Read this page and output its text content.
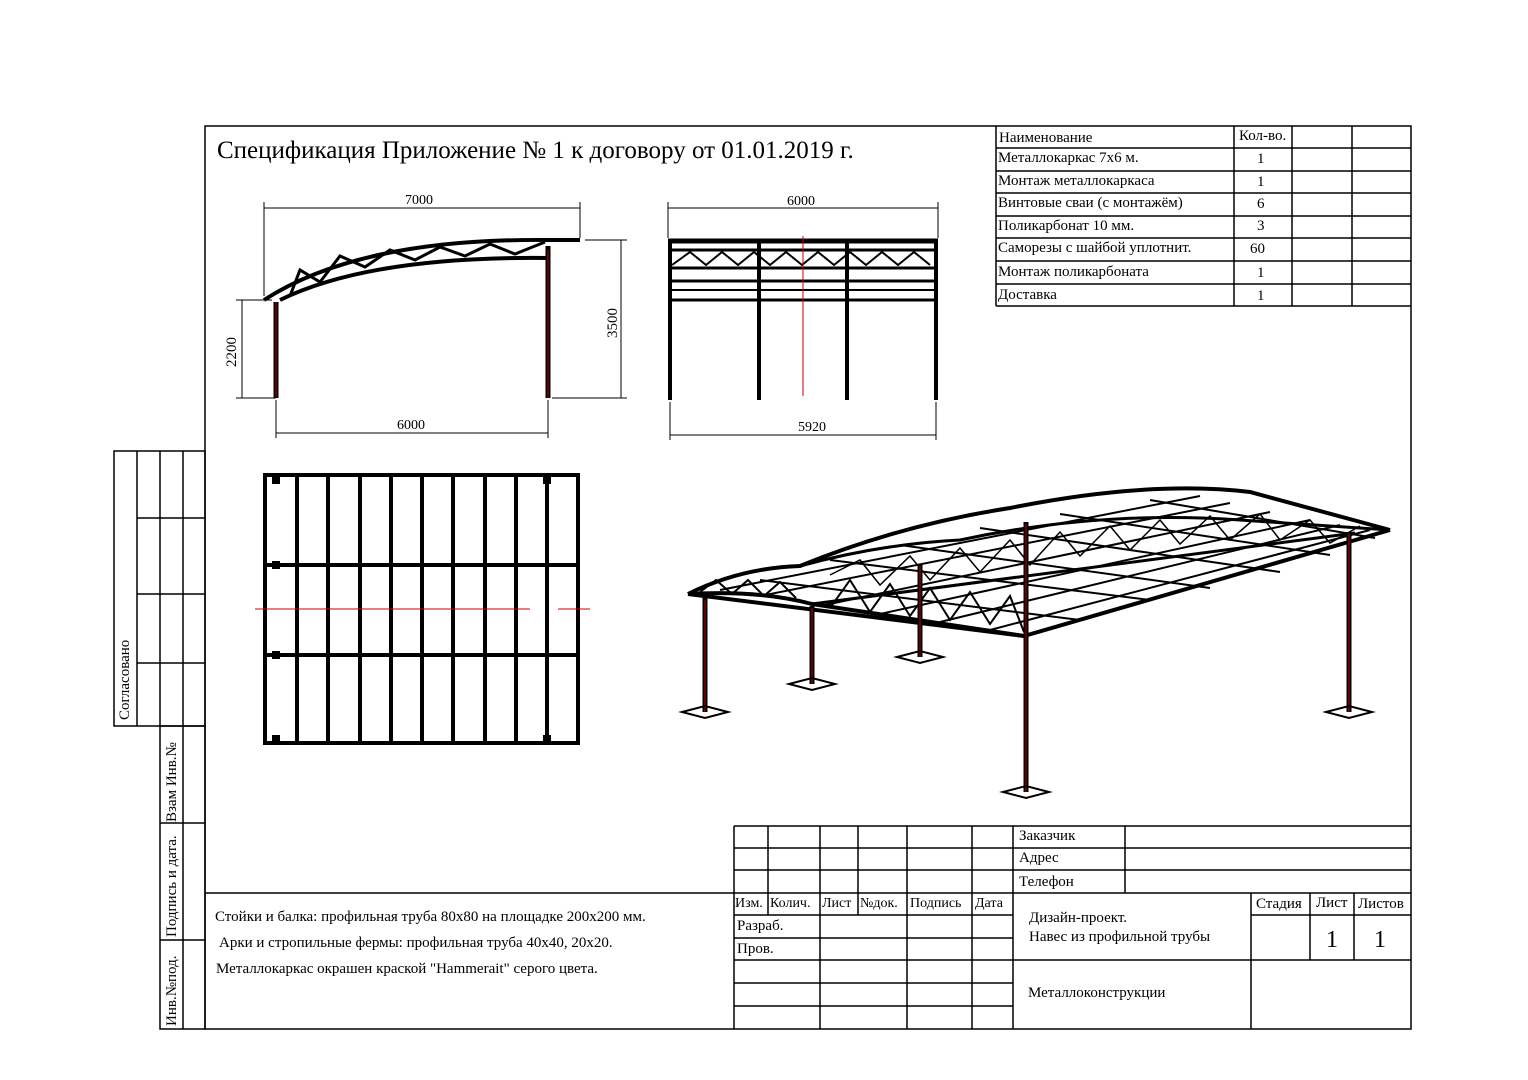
Спецификация Приложение № 1 к договору от 01.01.2019 г.	Наименование	Кол-во.
Металлокаркас 7х6 м.	1
Монтаж металлокаркаса	1
Винтовые сваи (с монтажём)	6
Поликарбонат 10 мм.	3
Саморезы с шайбой уплотнит.	60
Монтаж поликарбоната	1
Доставка	1
7000
6000
2200
3500
6000
5920
Стойки и балка: профильная труба 80х80 на площадке 200х200 мм.
Арки и стропильные фермы: профильная труба 40х40, 20х20.
Металлокаркас окрашен краской "Hammerait" серого цвета.
Согласовано
Взам Инв.№
Подпись и дата.
Инв.№под.
Заказчик
Адрес
Телефон
Изм. Колич. Лист №док. Подпись Дата
Разраб.
Пров.
Дизайн-проект.
Навес из профильной трубы
Стадия Лист Листов
1 1
Металлоконструкции
